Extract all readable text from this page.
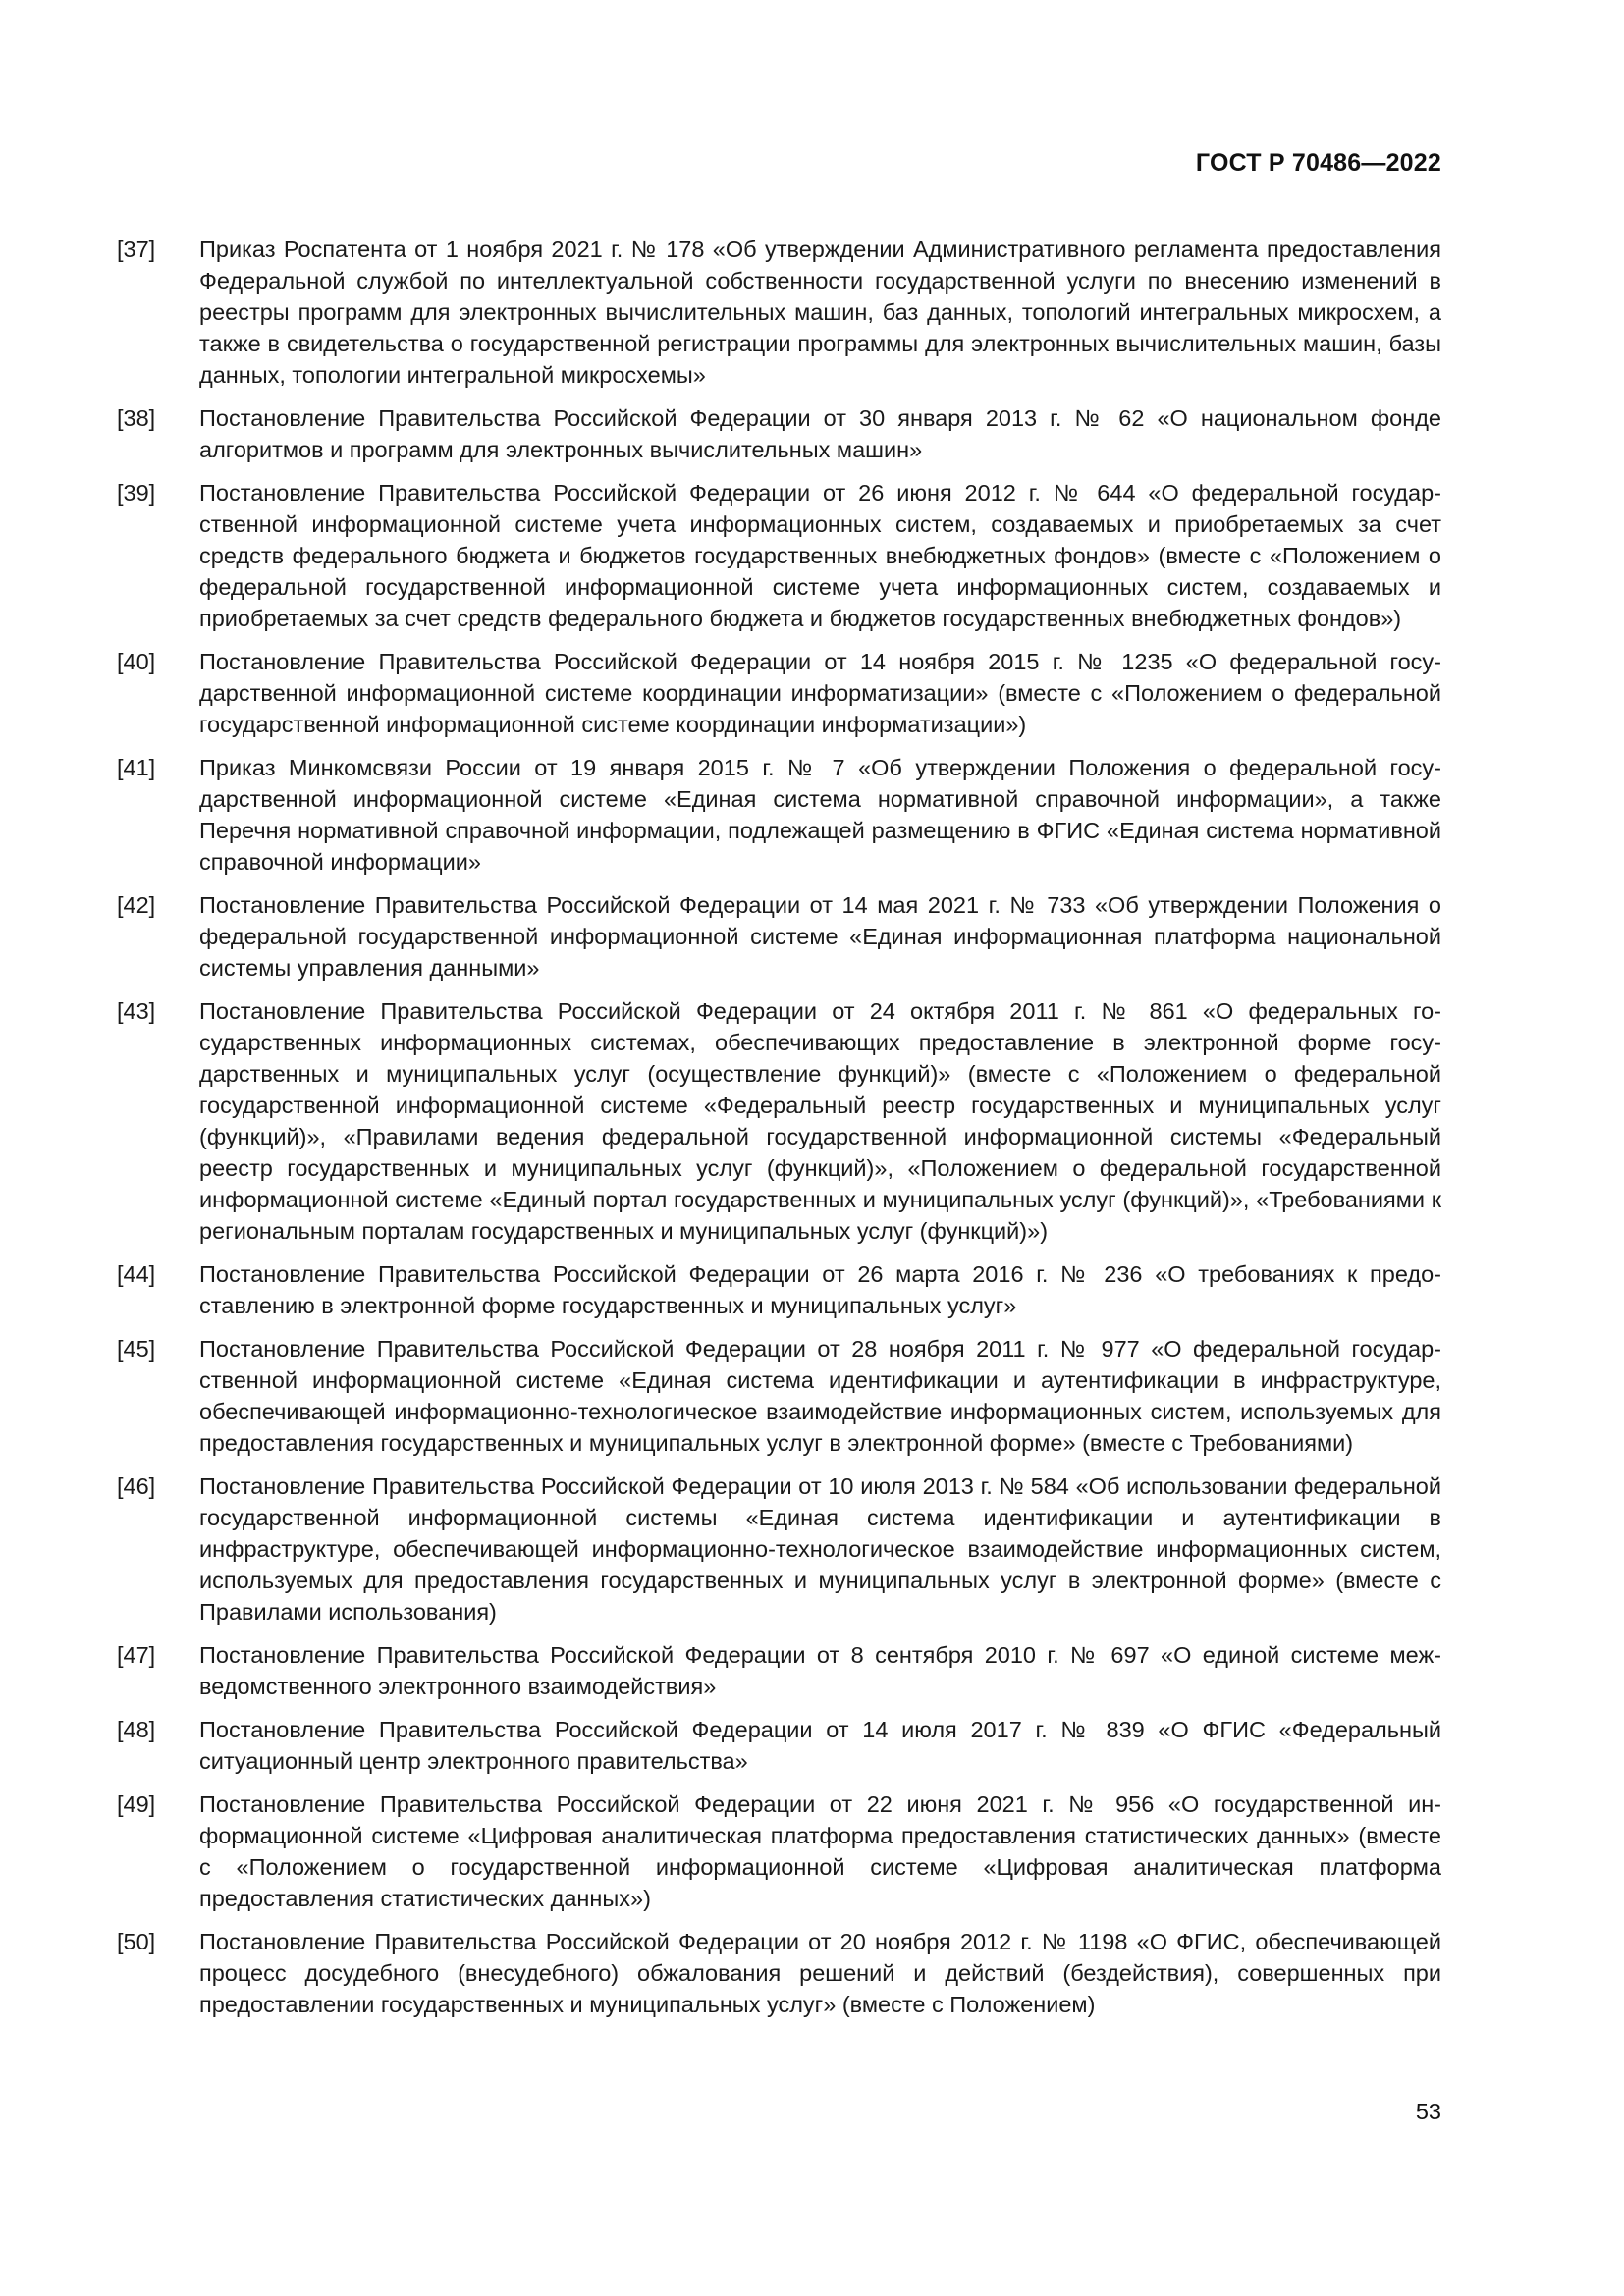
ГОСТ Р 70486—2022
[37]	Приказ Роспатента от 1 ноября 2021 г. № 178 «Об утверждении Административного регламента предоставления Федеральной службой по интеллектуальной собственности государственной услуги по внесению изменений в реестры программ для электронных вычислительных машин, баз данных, топологий интегральных микросхем, а также в свидетельства о государственной регистрации программы для электронных вычислительных машин, базы данных, топологии интегральной микросхемы»
[38]	Постановление Правительства Российской Федерации от 30 января 2013 г. № 62 «О национальном фонде алгоритмов и программ для электронных вычислительных машин»
[39]	Постановление Правительства Российской Федерации от 26 июня 2012 г. № 644 «О федеральной государственной информационной системе учета информационных систем, создаваемых и приобретаемых за счет средств федерального бюджета и бюджетов государственных внебюджетных фондов» (вместе с «Положением о федеральной государственной информационной системе учета информационных систем, создаваемых и приобретаемых за счет средств федерального бюджета и бюджетов государственных внебюджетных фондов»)
[40]	Постановление Правительства Российской Федерации от 14 ноября 2015 г. № 1235 «О федеральной государственной информационной системе координации информатизации» (вместе с «Положением о федеральной государственной информационной системе координации информатизации»)
[41]	Приказ Минкомсвязи России от 19 января 2015 г. № 7 «Об утверждении Положения о федеральной государственной информационной системе «Единая система нормативной справочной информации», а также Перечня нормативной справочной информации, подлежащей размещению в ФГИС «Единая система нормативной справочной информации»
[42]	Постановление Правительства Российской Федерации от 14 мая 2021 г. № 733 «Об утверждении Положения о федеральной государственной информационной системе «Единая информационная платформа национальной системы управления данными»
[43]	Постановление Правительства Российской Федерации от 24 октября 2011 г. № 861 «О федеральных государственных информационных системах, обеспечивающих предоставление в электронной форме государственных и муниципальных услуг (осуществление функций)» (вместе с «Положением о федеральной государственной информационной системе «Федеральный реестр государственных и муниципальных услуг (функций)», «Правилами ведения федеральной государственной информационной системы «Федеральный реестр государственных и муниципальных услуг (функций)», «Положением о федеральной государственной информационной системе «Единый портал государственных и муниципальных услуг (функций)», «Требованиями к региональным порталам государственных и муниципальных услуг (функций)»)
[44]	Постановление Правительства Российской Федерации от 26 марта 2016 г. № 236 «О требованиях к предоставлению в электронной форме государственных и муниципальных услуг»
[45]	Постановление Правительства Российской Федерации от 28 ноября 2011 г. № 977 «О федеральной государственной информационной системе «Единая система идентификации и аутентификации в инфраструктуре, обеспечивающей информационно-технологическое взаимодействие информационных систем, используемых для предоставления государственных и муниципальных услуг в электронной форме» (вместе с Требованиями)
[46]	Постановление Правительства Российской Федерации от 10 июля 2013 г. № 584 «Об использовании федеральной государственной информационной системы «Единая система идентификации и аутентификации в инфраструктуре, обеспечивающей информационно-технологическое взаимодействие информационных систем, используемых для предоставления государственных и муниципальных услуг в электронной форме» (вместе с Правилами использования)
[47]	Постановление Правительства Российской Федерации от 8 сентября 2010 г. № 697 «О единой системе межведомственного электронного взаимодействия»
[48]	Постановление Правительства Российской Федерации от 14 июля 2017 г. № 839 «О ФГИС «Федеральный ситуационный центр электронного правительства»
[49]	Постановление Правительства Российской Федерации от 22 июня 2021 г. № 956 «О государственной информационной системе «Цифровая аналитическая платформа предоставления статистических данных» (вместе с «Положением о государственной информационной системе «Цифровая аналитическая платформа предоставления статистических данных»)
[50]	Постановление Правительства Российской Федерации от 20 ноября 2012 г. № 1198 «О ФГИС, обеспечивающей процесс досудебного (внесудебного) обжалования решений и действий (бездействия), совершенных при предоставлении государственных и муниципальных услуг» (вместе с Положением)
53
